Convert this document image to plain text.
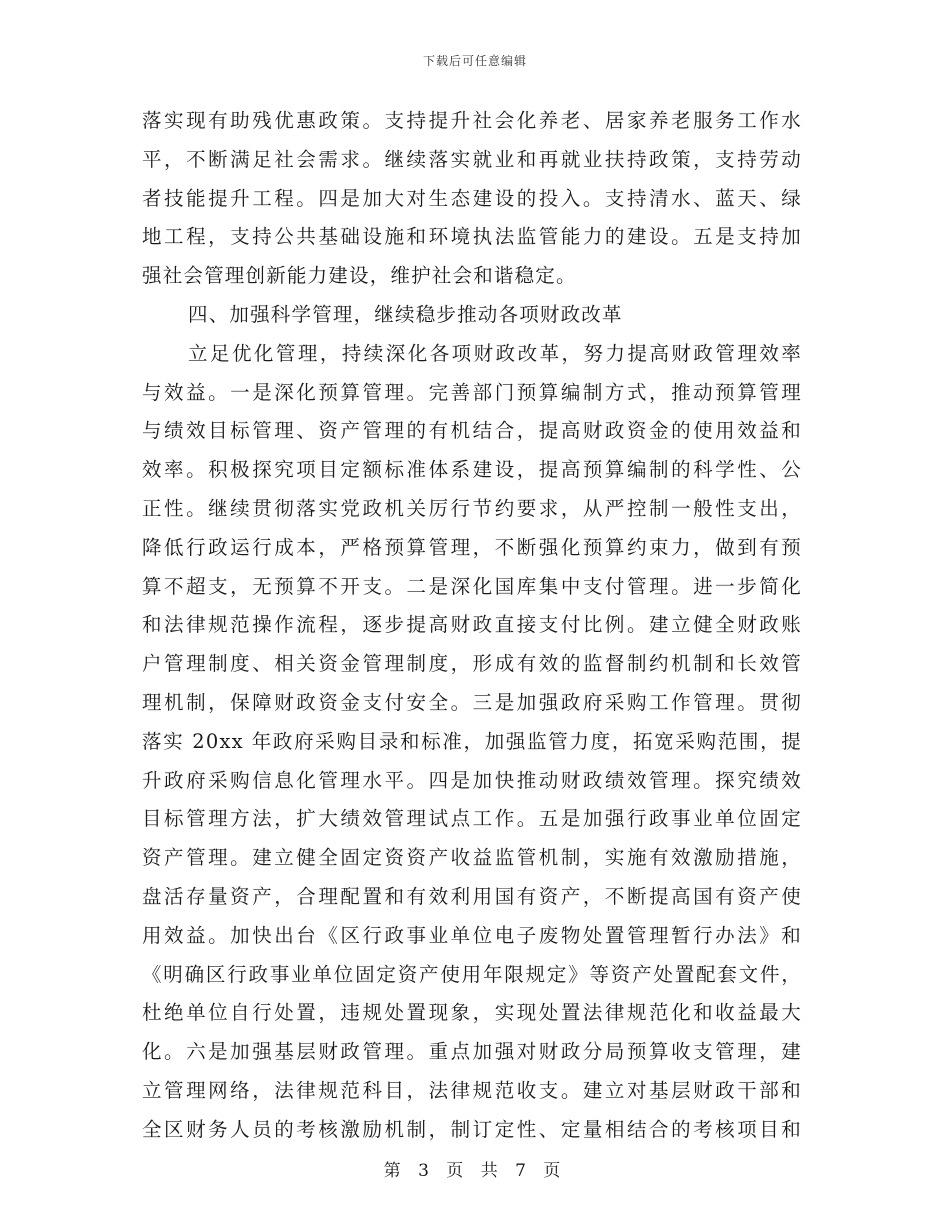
下载后可任意编辑
落实现有助残优惠政策。支持提升社会化养老、居家养老服务工作水
平，不断满足社会需求。继续落实就业和再就业扶持政策，支持劳动
者技能提升工程。四是加大对生态建设的投入。支持清水、蓝天、绿
地工程，支持公共基础设施和环境执法监管能力的建设。五是支持加
强社会管理创新能力建设，维护社会和谐稳定。
四、加强科学管理，继续稳步推动各项财政改革
立足优化管理，持续深化各项财政改革，努力提高财政管理效率
与效益。一是深化预算管理。完善部门预算编制方式，推动预算管理
与绩效目标管理、资产管理的有机结合，提高财政资金的使用效益和
效率。积极探究项目定额标准体系建设，提高预算编制的科学性、公
正性。继续贯彻落实党政机关厉行节约要求，从严控制一般性支出，
降低行政运行成本，严格预算管理，不断强化预算约束力，做到有预
算不超支，无预算不开支。二是深化国库集中支付管理。进一步简化
和法律规范操作流程，逐步提高财政直接支付比例。建立健全财政账
户管理制度、相关资金管理制度，形成有效的监督制约机制和长效管
理机制，保障财政资金支付安全。三是加强政府采购工作管理。贯彻
落实 20xx 年政府采购目录和标准，加强监管力度，拓宽采购范围，提
升政府采购信息化管理水平。四是加快推动财政绩效管理。探究绩效
目标管理方法，扩大绩效管理试点工作。五是加强行政事业单位固定
资产管理。建立健全固定资资产收益监管机制，实施有效激励措施，
盘活存量资产，合理配置和有效利用国有资产，不断提高国有资产使
用效益。加快出台《区行政事业单位电子废物处置管理暂行办法》和
《明确区行政事业单位固定资产使用年限规定》等资产处置配套文件，
杜绝单位自行处置，违规处置现象，实现处置法律规范化和收益最大
化。六是加强基层财政管理。重点加强对财政分局预算收支管理，建
立管理网络，法律规范科目，法律规范收支。建立对基层财政干部和
全区财务人员的考核激励机制，制订定性、定量相结合的考核项目和
第 3 页 共 7 页
